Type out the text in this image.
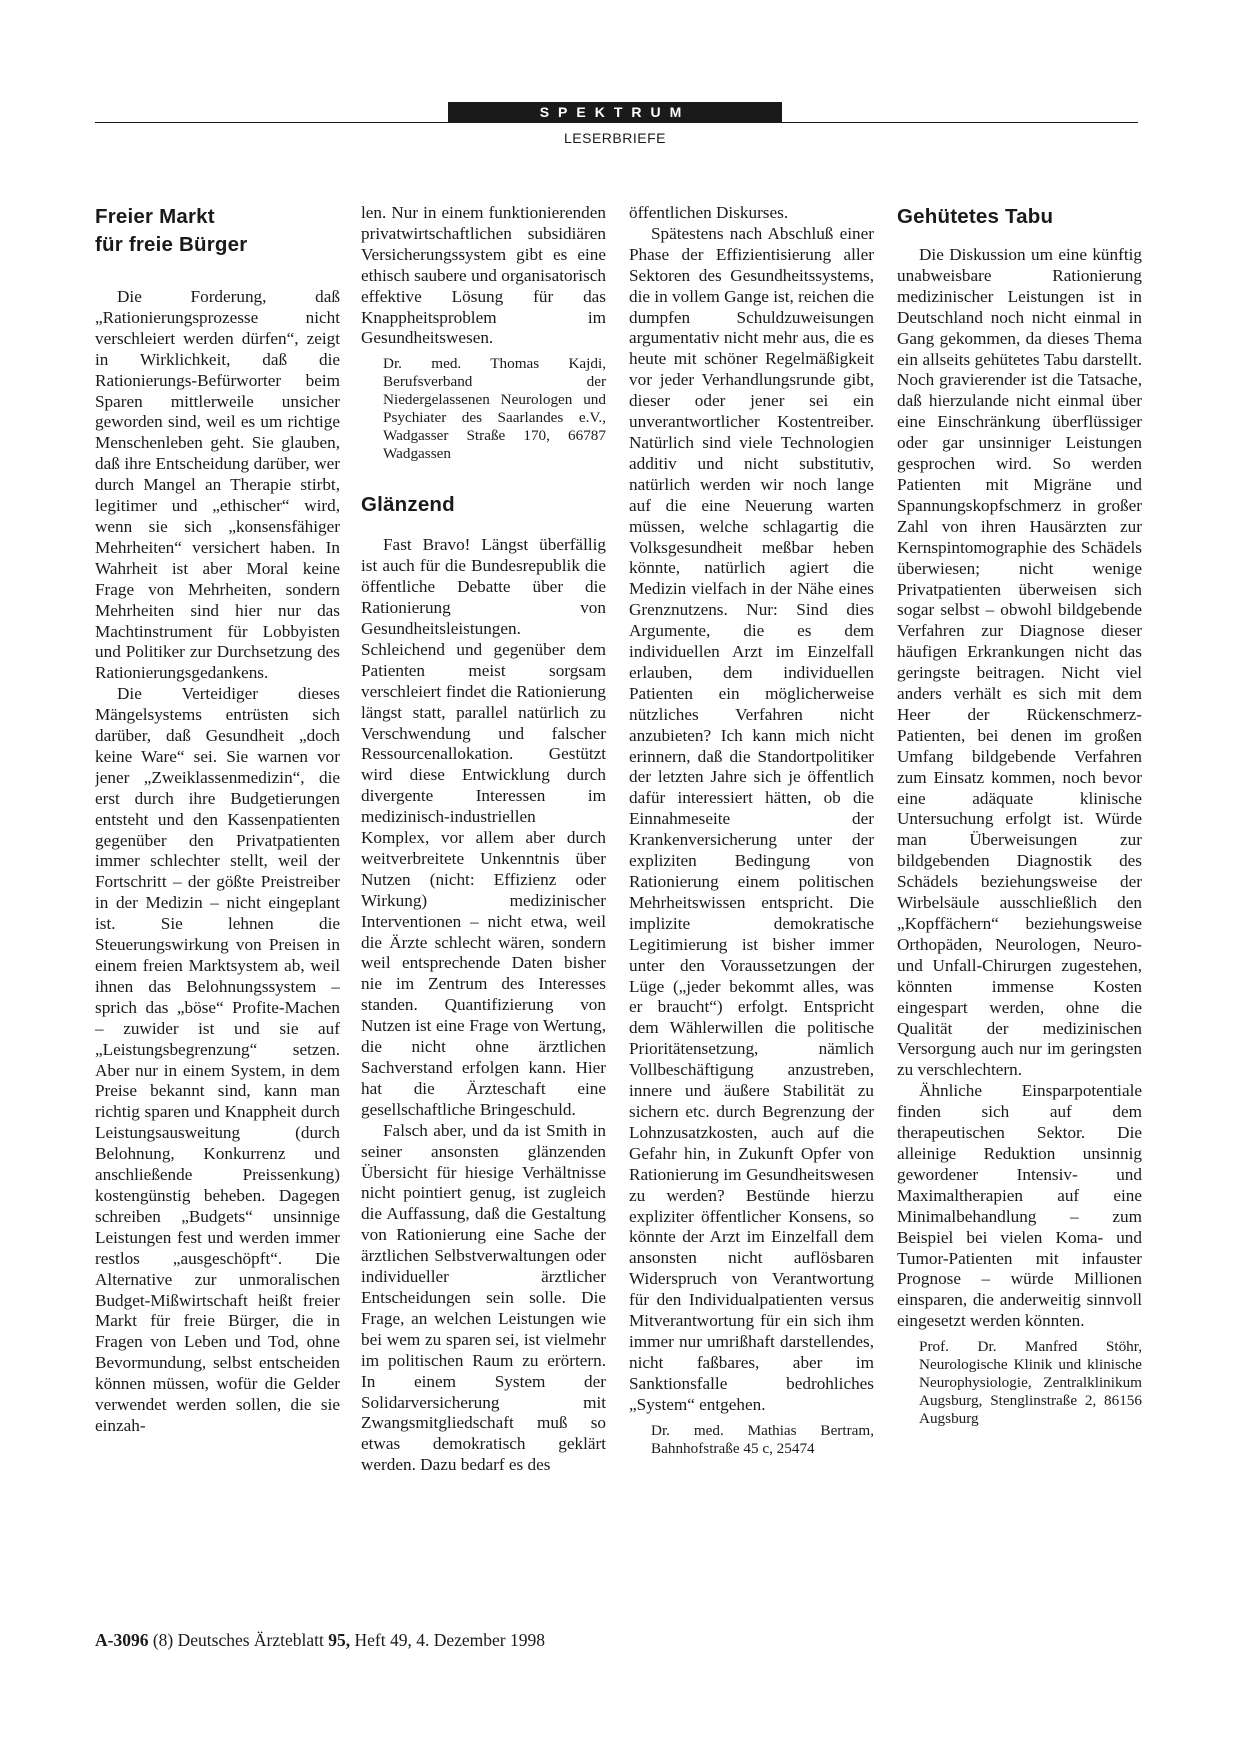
SPEKTRUM
LESERBRIEFE
Freier Markt
für freie Bürger

Die Forderung, daß „Rationierungsprozesse nicht verschleiert werden dürfen“, zeigt in Wirklichkeit, daß die Rationierungs-Befürworter beim Sparen mittlerweile unsicher geworden sind, weil es um richtige Menschenleben geht. Sie glauben, daß ihre Entscheidung darüber, wer durch Mangel an Therapie stirbt, legitimer und „ethischer“ wird, wenn sie sich „konsensfähiger Mehrheiten“ versichert haben. In Wahrheit ist aber Moral keine Frage von Mehrheiten, sondern Mehrheiten sind hier nur das Machtinstrument für Lobbyisten und Politiker zur Durchsetzung des Rationierungsgedankens.

Die Verteidiger dieses Mängelsystems entrüsten sich darüber, daß Gesundheit „doch keine Ware“ sei. Sie warnen vor jener „Zweiklassenmedizin“, die erst durch ihre Budgetierungen entsteht und den Kassenpatienten gegenüber den Privatpatienten immer schlechter stellt, weil der Fortschritt – der gößte Preistreiber in der Medizin – nicht eingeplant ist. Sie lehnen die Steuerungswirkung von Preisen in einem freien Marktsystem ab, weil ihnen das Belohnungssystem – sprich das „böse“ Profite-Machen – zuwider ist und sie auf „Leistungsbegrenzung“ setzen. Aber nur in einem System, in dem Preise bekannt sind, kann man richtig sparen und Knappheit durch Leistungsausweitung (durch Belohnung, Konkurrenz und anschließende Preissenkung) kostengünstig beheben. Dagegen schreiben „Budgets“ unsinnige Leistungen fest und werden immer restlos „ausgeschöpft“. Die Alternative zur unmoralischen Budget-Mißwirtschaft heißt freier Markt für freie Bürger, die in Fragen von Leben und Tod, ohne Bevormundung, selbst entscheiden können müssen, wofür die Gelder verwendet werden sollen, die sie einzah-

len. Nur in einem funktionierenden privatwirtschaftlichen subsidiären Versicherungssystem gibt es eine ethisch saubere und organisatorisch effektive Lösung für das Knappheitsproblem im Gesundheitswesen.

Dr. med. Thomas Kajdi, Berufsverband der Niedergelassenen Neurologen und Psychiater des Saarlandes e.V., Wadgasser Straße 170, 66787 Wadgassen

Glänzend

Fast Bravo! Längst überfällig ist auch für die Bundesrepublik die öffentliche Debatte über die Rationierung von Gesundheitsleistungen. Schleichend und gegenüber dem Patienten meist sorgsam verschleiert findet die Rationierung längst statt, parallel natürlich zu Verschwendung und falscher Ressourcenallokation. Gestützt wird diese Entwicklung durch divergente Interessen im medizinisch-industriellen Komplex, vor allem aber durch weitverbreitete Unkenntnis über Nutzen (nicht: Effizienz oder Wirkung) medizinischer Interventionen – nicht etwa, weil die Ärzte schlecht wären, sondern weil entsprechende Daten bisher nie im Zentrum des Interesses standen. Quantifizierung von Nutzen ist eine Frage von Wertung, die nicht ohne ärztlichen Sachverstand erfolgen kann. Hier hat die Ärzteschaft eine gesellschaftliche Bringeschuld.

Falsch aber, und da ist Smith in seiner ansonsten glänzenden Übersicht für hiesige Verhältnisse nicht pointiert genug, ist zugleich die Auffassung, daß die Gestaltung von Rationierung eine Sache der ärztlichen Selbstverwaltungen oder individueller ärztlicher Entscheidungen sein solle. Die Frage, an welchen Leistungen wie bei wem zu sparen sei, ist vielmehr im politischen Raum zu erörtern. In einem System der Solidarversicherung mit Zwangsmitgliedschaft muß so etwas demokratisch geklärt werden. Dazu bedarf es des

öffentlichen Diskurses.

Spätestens nach Abschluß einer Phase der Effizientisierung aller Sektoren des Gesundheitssystems, die in vollem Gange ist, reichen die dumpfen Schuldzuweisungen argumentativ nicht mehr aus, die es heute mit schöner Regelmäßigkeit vor jeder Verhandlungsrunde gibt, dieser oder jener sei ein unverantwortlicher Kostentreiber. Natürlich sind viele Technologien additiv und nicht substitutiv, natürlich werden wir noch lange auf die eine Neuerung warten müssen, welche schlagartig die Volksgesundheit meßbar heben könnte, natürlich agiert die Medizin vielfach in der Nähe eines Grenznutzens. Nur: Sind dies Argumente, die es dem individuellen Arzt im Einzelfall erlauben, dem individuellen Patienten ein möglicherweise nützliches Verfahren nicht anzubieten? Ich kann mich nicht erinnern, daß die Standortpolitiker der letzten Jahre sich je öffentlich dafür interessiert hätten, ob die Einnahmeseite der Krankenversicherung unter der expliziten Bedingung von Rationierung einem politischen Mehrheitswissen entspricht. Die implizite demokratische Legitimierung ist bisher immer unter den Voraussetzungen der Lüge („jeder bekommt alles, was er braucht“) erfolgt. Entspricht dem Wählerwillen die politische Prioritätensetzung, nämlich Vollbeschäftigung anzustreben, innere und äußere Stabilität zu sichern etc. durch Begrenzung der Lohnzusatzkosten, auch auf die Gefahr hin, in Zukunft Opfer von Rationierung im Gesundheitswesen zu werden? Bestünde hierzu expliziter öffentlicher Konsens, so könnte der Arzt im Einzelfall dem ansonsten nicht auflösbaren Widerspruch von Verantwortung für den Individualpatienten versus Mitverantwortung für ein sich ihm immer nur umrißhaft darstellendes, nicht faßbares, aber im Sanktionsfalle bedrohliches „System“ entgehen.

Dr. med. Mathias Bertram, Bahnhofstraße 45 c, 25474

Gehütetes Tabu

Die Diskussion um eine künftig unabweisbare Rationierung medizinischer Leistungen ist in Deutschland noch nicht einmal in Gang gekommen, da dieses Thema ein allseits gehütetes Tabu darstellt. Noch gravierender ist die Tatsache, daß hierzulande nicht einmal über eine Einschränkung überflüssiger oder gar unsinniger Leistungen gesprochen wird. So werden Patienten mit Migräne und Spannungskopfschmerz in großer Zahl von ihren Hausärzten zur Kernspintomographie des Schädels überwiesen; nicht wenige Privatpatienten überweisen sich sogar selbst – obwohl bildgebende Verfahren zur Diagnose dieser häufigen Erkrankungen nicht das geringste beitragen. Nicht viel anders verhält es sich mit dem Heer der Rückenschmerz-Patienten, bei denen im großen Umfang bildgebende Verfahren zum Einsatz kommen, noch bevor eine adäquate klinische Untersuchung erfolgt ist. Würde man Überweisungen zur bildgebenden Diagnostik des Schädels beziehungsweise der Wirbelsäule ausschließlich den „Kopffächern“ beziehungsweise Orthopäden, Neurologen, Neuro- und Unfall-Chirurgen zugestehen, könnten immense Kosten eingespart werden, ohne die Qualität der medizinischen Versorgung auch nur im geringsten zu verschlechtern.

Ähnliche Einsparpotentiale finden sich auf dem therapeutischen Sektor. Die alleinige Reduktion unsinnig gewordener Intensiv- und Maximaltherapien auf eine Minimalbehandlung – zum Beispiel bei vielen Koma- und Tumor-Patienten mit infauster Prognose – würde Millionen einsparen, die anderweitig sinnvoll eingesetzt werden könnten.

Prof. Dr. Manfred Stöhr, Neurologische Klinik und klinische Neurophysiologie, Zentralklinikum Augsburg, Stenglinstraße 2, 86156 Augsburg

A-3096 (8) Deutsches Ärzteblatt 95, Heft 49, 4. Dezember 1998
